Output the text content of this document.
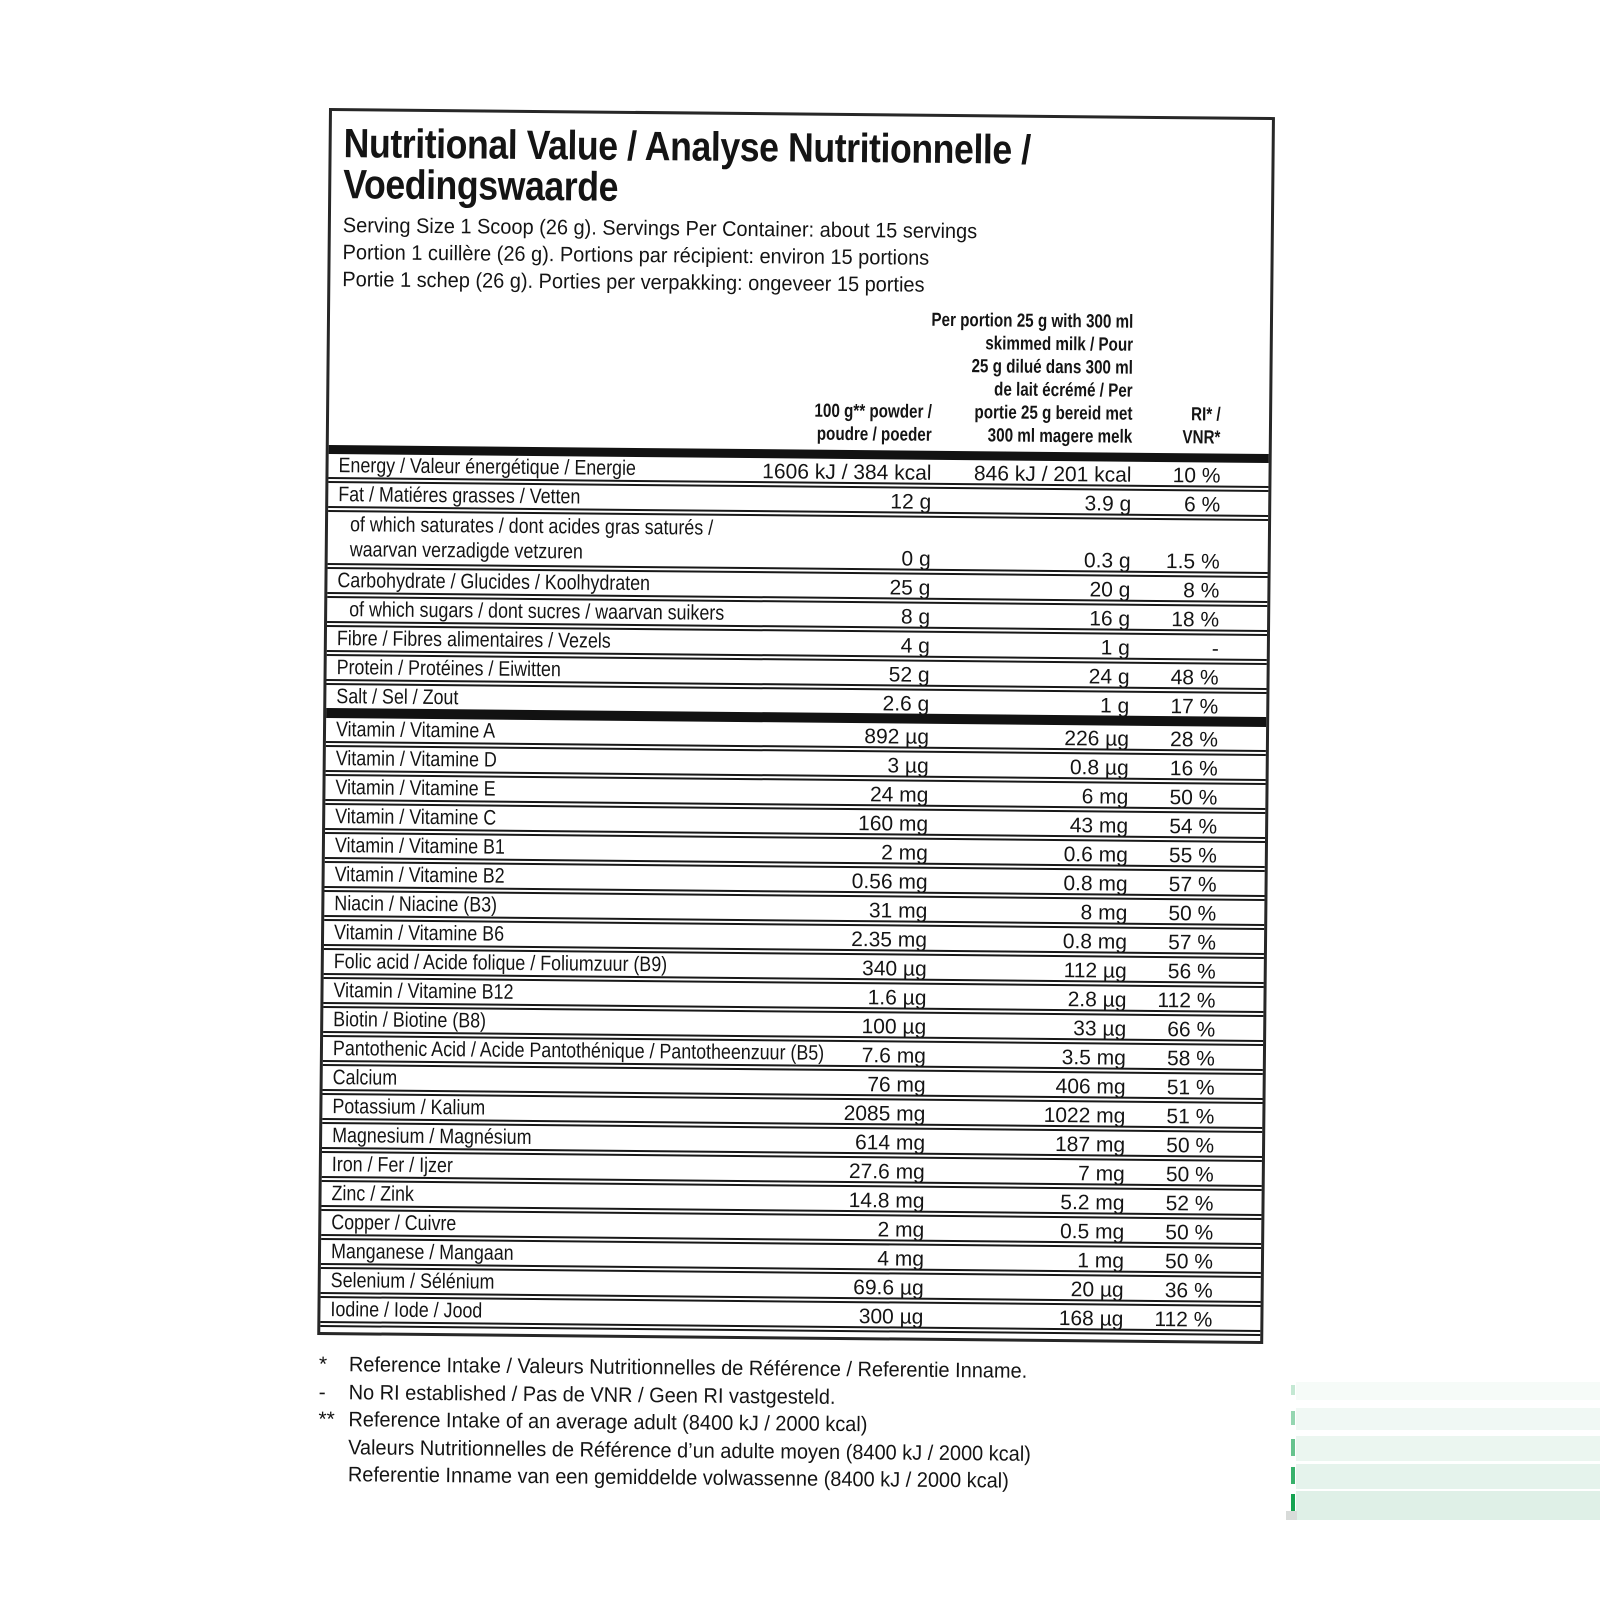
Nutritional Value / Analyse Nutritionnelle /
Voedingswaarde
Serving Size 1 Scoop (26 g). Servings Per Container: about 15 servings
Portion 1 cuillère (26 g). Portions par récipient: environ 15 portions
Portie 1 schep (26 g). Porties per verpakking: ongeveer 15 porties
100 g** powder /
poudre / poeder
Per portion 25 g with 300 ml
skimmed milk / Pour
25 g dilué dans 300 ml
de lait écrémé / Per
portie 25 g bereid met
300 ml magere melk
RI* /
VNR*
Energy / Valeur énergétique / Energie	1606 kJ / 384 kcal 846 kJ / 201 kcal 10 %
Fat / Matiéres grasses / Vetten	12 g	3.9 g	6 %
of which saturates / dont acides gras saturés /
waarvan verzadigde vetzuren	0 g	0.3 g 1.5 %
Carbohydrate / Glucides / Koolhydraten	25 g	20 g	8 %
of which sugars / dont sucres / waarvan suikers	8 g	16 g 18 %
Fibre / Fibres alimentaires / Vezels	4 g	1 g	-
Protein / Protéines / Eiwitten	52 g	24 g 48 %
Salt / Sel / Zout	2.6 g	1 g 17 %
Vitamin / Vitamine A	892 µg	226 µg 28 %
Vitamin / Vitamine D	3 µg	0.8 µg 16 %
Vitamin / Vitamine E	24 mg	6 mg 50 %
Vitamin / Vitamine C	160 mg	43 mg 54 %
Vitamin / Vitamine B1	2 mg	0.6 mg 55 %
Vitamin / Vitamine B2	0.56 mg	0.8 mg 57 %
Niacin / Niacine (B3)	31 mg	8 mg 50 %
Vitamin / Vitamine B6	2.35 mg	0.8 mg 57 %
Folic acid / Acide folique / Foliumzuur (B9)	340 µg	112 µg 56 %
Vitamin / Vitamine B12	1.6 µg	2.8 µg 112 %
Biotin / Biotine (B8)	100 µg	33 µg 66 %
Pantothenic Acid / Acide Pantothénique / Pantotheenzuur (B5) 7.6 mg	3.5 mg 58 %
Calcium	76 mg	406 mg 51 %
Potassium / Kalium	2085 mg	1022 mg 51 %
Magnesium / Magnésium	614 mg	187 mg 50 %
Iron / Fer / Ijzer	27.6 mg	7 mg 50 %
Zinc / Zink	14.8 mg	5.2 mg 52 %
Copper / Cuivre	2 mg	0.5 mg 50 %
Manganese / Mangaan	4 mg	1 mg 50 %
Selenium / Sélénium	69.6 µg	20 µg 36 %
Iodine / Iode / Jood	300 µg	168 µg 112 %
*	Reference Intake / Valeurs Nutritionnelles de Référence / Referentie Inname.
-	No RI established / Pas de VNR / Geen RI vastgesteld.
** Reference Intake of an average adult (8400 kJ / 2000 kcal)
Valeurs Nutritionnelles de Référence d’un adulte moyen (8400 kJ / 2000 kcal)
Referentie Inname van een gemiddelde volwassenne (8400 kJ / 2000 kcal)
